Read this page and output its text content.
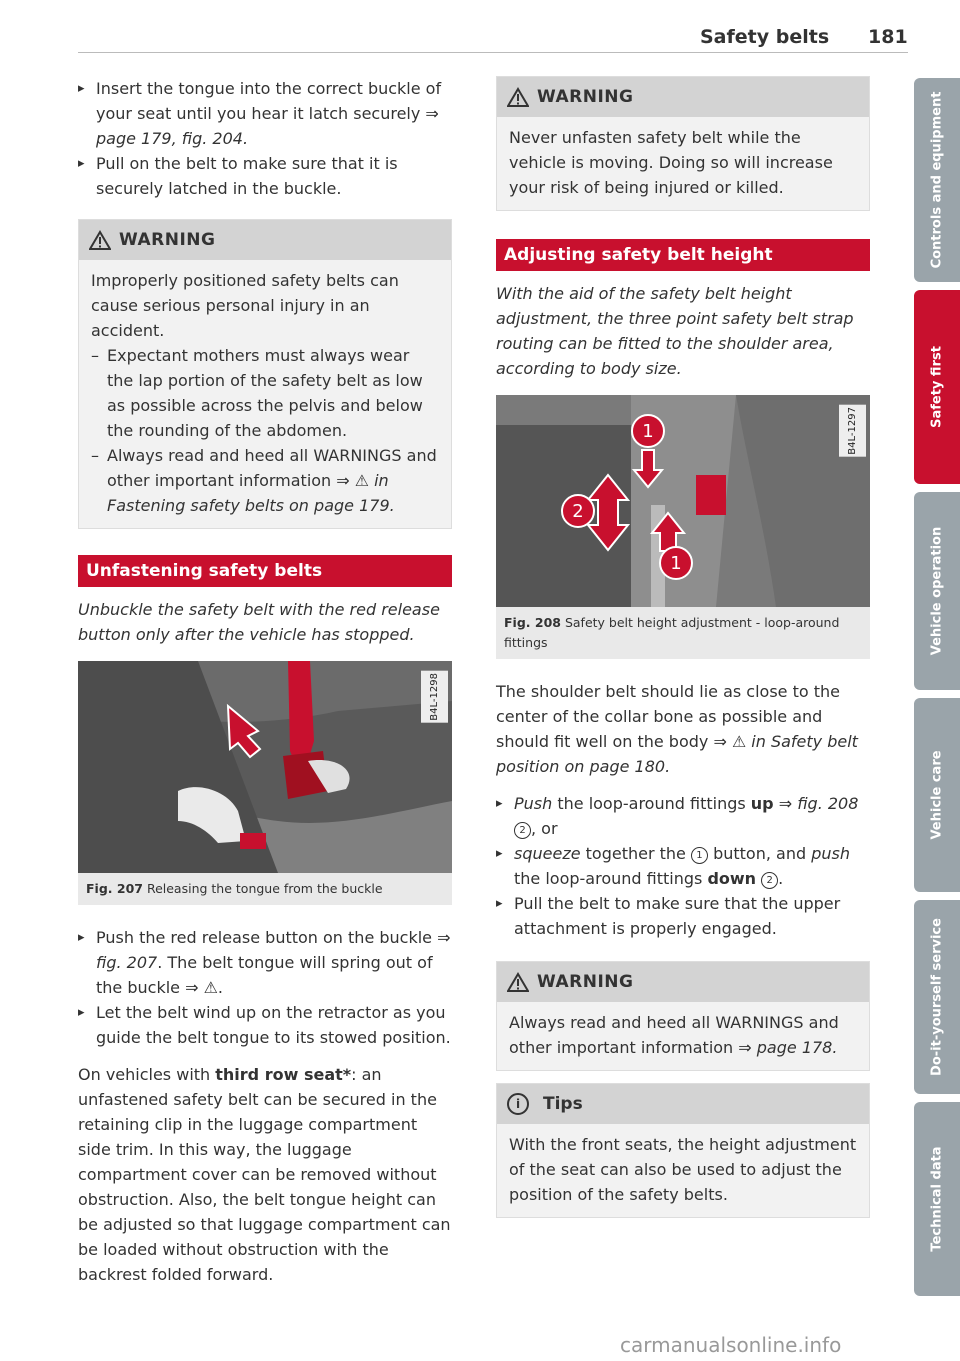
Safety belts 181

▸ Insert the tongue into the correct buckle of your seat until you hear it latch securely ⇒ page 179, fig. 204.

▸ Pull on the belt to make sure that it is securely latched in the buckle.

WARNING

Improperly positioned safety belts can cause serious personal injury in an accident.

– Expectant mothers must always wear the lap portion of the safety belt as low as possible across the pelvis and below the rounding of the abdomen.

– Always read and heed all WARNINGS and other important information ⇒ ⚠ in Fastening safety belts on page 179.

Unfastening safety belts

Unbuckle the safety belt with the red release button only after the vehicle has stopped.

B4L-1298
Fig. 207 Releasing the tongue from the buckle

▸ Push the red release button on the buckle ⇒ fig. 207. The belt tongue will spring out of the buckle ⇒ ⚠.

▸ Let the belt wind up on the retractor as you guide the belt tongue to its stowed position.

On vehicles with third row seat*: an unfastened safety belt can be secured in the retaining clip in the luggage compartment side trim. In this way, the luggage compartment cover can be removed without obstruction. Also, the belt tongue height can be adjusted so that luggage compartment can be loaded without obstruction with the backrest folded forward.

WARNING

Never unfasten safety belt while the vehicle is moving. Doing so will increase your risk of being injured or killed.

Adjusting safety belt height

With the aid of the safety belt height adjustment, the three point safety belt strap routing can be fitted to the shoulder area, according to body size.

1
2
1
B4L-1297
Fig. 208 Safety belt height adjustment - loop-around fittings

The shoulder belt should lie as close to the center of the collar bone as possible and should fit well on the body ⇒ ⚠ in Safety belt position on page 180.

▸ Push the loop-around fittings up ⇒ fig. 208
2 , or

▸ squeeze together the 1 button, and push the loop-around fittings down 2 .

▸ Pull the belt to make sure that the upper attachment is properly engaged.

WARNING

Always read and heed all WARNINGS and other important information ⇒ page 178.

i	Tips

With the front seats, the height adjustment of the seat can also be used to adjust the position of the safety belts.

Controls and equipment
Safety first
Vehicle operation
Vehicle care
Do-it-yourself service
Technical data
carmanualsonline.info
